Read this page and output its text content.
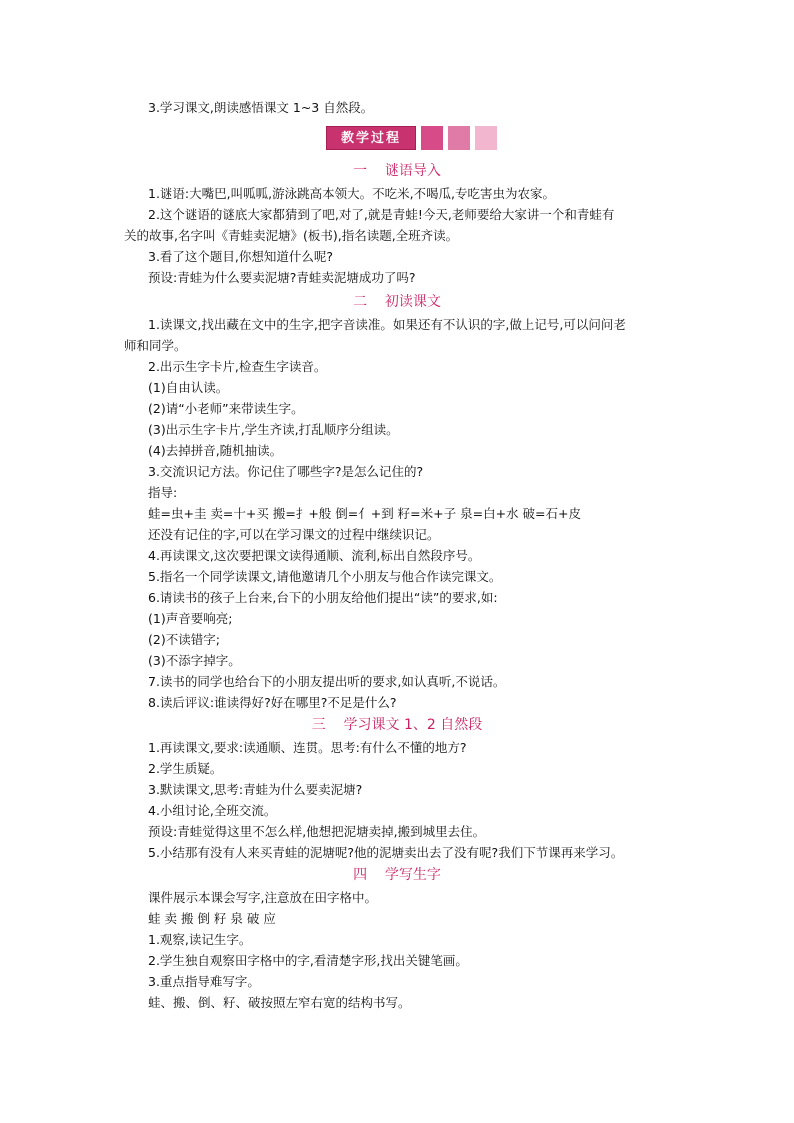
3.学习课文,朗读感悟课文 1~3 自然段。
教学过程
一    谜语导入
1.谜语:大嘴巴,叫呱呱,游泳跳高本领大。不吃米,不喝瓜,专吃害虫为农家。
2.这个谜语的谜底大家都猜到了吧,对了,就是青蛙!今天,老师要给大家讲一个和青蛙有
关的故事,名字叫《青蛙卖泥塘》(板书),指名读题,全班齐读。
3.看了这个题目,你想知道什么呢?
预设:青蛙为什么要卖泥塘?青蛙卖泥塘成功了吗?
二    初读课文
1.读课文,找出藏在文中的生字,把字音读准。如果还有不认识的字,做上记号,可以问问老
师和同学。
2.出示生字卡片,检查生字读音。
(1)自由认读。
(2)请“小老师”来带读生字。
(3)出示生字卡片,学生齐读,打乱顺序分组读。
(4)去掉拼音,随机抽读。
3.交流识记方法。你记住了哪些字?是怎么记住的?
指导:
蛙=虫+圭 卖=十+买 搬=扌+般 倒=亻+到 籽=米+子 泉=白+水 破=石+皮
还没有记住的字,可以在学习课文的过程中继续识记。
4.再读课文,这次要把课文读得通顺、流利,标出自然段序号。
5.指名一个同学读课文,请他邀请几个小朋友与他合作读完课文。
6.请读书的孩子上台来,台下的小朋友给他们提出“读”的要求,如:
(1)声音要响亮;
(2)不读错字;
(3)不添字掉字。
7.读书的同学也给台下的小朋友提出听的要求,如认真听,不说话。
8.读后评议:谁读得好?好在哪里?不足是什么?
三    学习课文 1、2 自然段
1.再读课文,要求:读通顺、连贯。思考:有什么不懂的地方?
2.学生质疑。
3.默读课文,思考:青蛙为什么要卖泥塘?
4.小组讨论,全班交流。
预设:青蛙觉得这里不怎么样,他想把泥塘卖掉,搬到城里去住。
5.小结那有没有人来买青蛙的泥塘呢?他的泥塘卖出去了没有呢?我们下节课再来学习。
四    学写生字
课件展示本课会写字,注意放在田字格中。
蛙 卖 搬 倒 籽 泉 破 应
1.观察,读记生字。
2.学生独自观察田字格中的字,看清楚字形,找出关键笔画。
3.重点指导难写字。
蛙、搬、倒、籽、破按照左窄右宽的结构书写。
